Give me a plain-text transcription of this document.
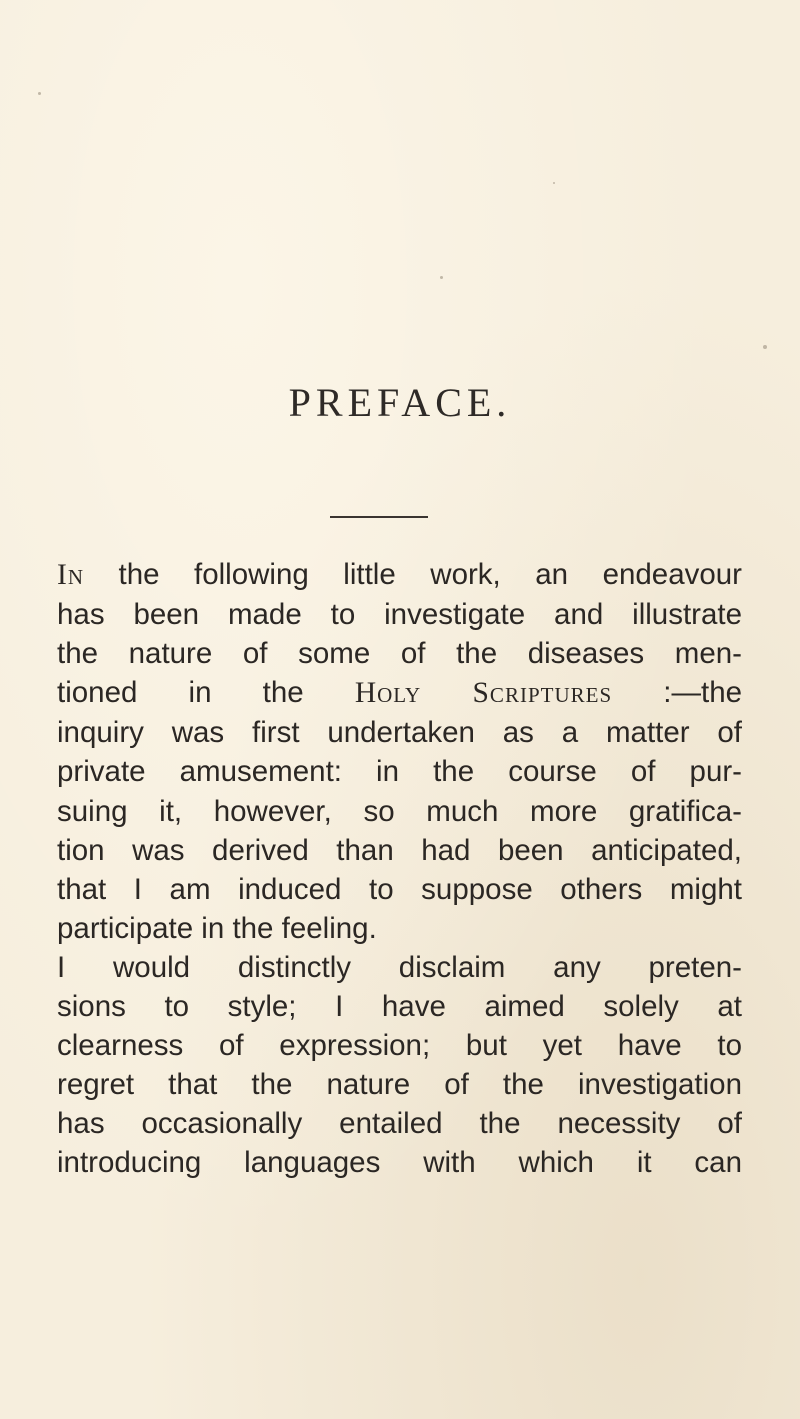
PREFACE.
In the following little work, an endeavour
has been made to investigate and illustrate
the nature of some of the diseases men-
tioned in the Holy Scriptures :—the
inquiry was first undertaken as a matter of
private amusement: in the course of pur-
suing it, however, so much more gratifica-
tion was derived than had been anticipated,
that I am induced to suppose others might
participate in the feeling.
I would distinctly disclaim any preten-
sions to style; I have aimed solely at
clearness of expression; but yet have to
regret that the nature of the investigation
has occasionally entailed the necessity of
introducing languages with which it can
